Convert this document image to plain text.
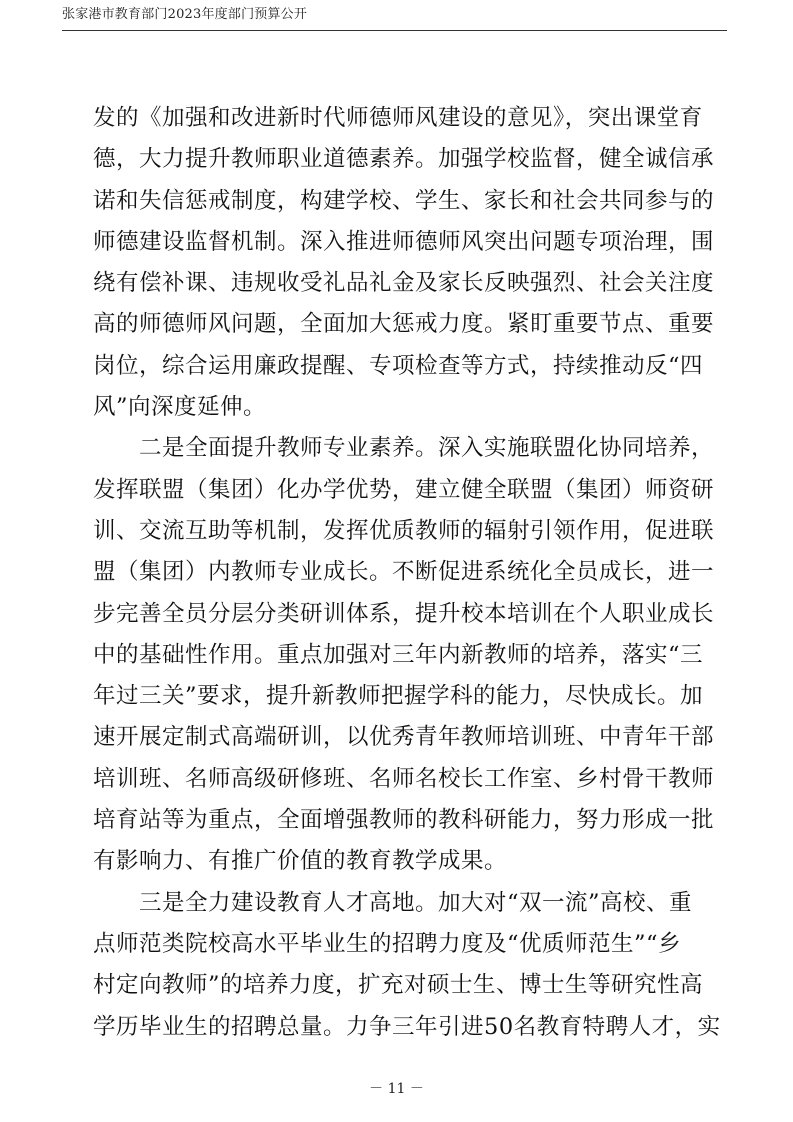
张家港市教育部门2023年度部门预算公开
发的《加强和改进新时代师德师风建设的意见》，突出课堂育
德，大力提升教师职业道德素养。加强学校监督，健全诚信承
诺和失信惩戒制度，构建学校、学生、家长和社会共同参与的
师德建设监督机制。深入推进师德师风突出问题专项治理，围
绕有偿补课、违规收受礼品礼金及家长反映强烈、社会关注度
高的师德师风问题，全面加大惩戒力度。紧盯重要节点、重要
岗位，综合运用廉政提醒、专项检查等方式，持续推动反“四
风”向深度延伸。
二是全面提升教师专业素养。深入实施联盟化协同培养，
发挥联盟（集团）化办学优势，建立健全联盟（集团）师资研
训、交流互助等机制，发挥优质教师的辐射引领作用，促进联
盟（集团）内教师专业成长。不断促进系统化全员成长，进一
步完善全员分层分类研训体系，提升校本培训在个人职业成长
中的基础性作用。重点加强对三年内新教师的培养，落实“三
年过三关”要求，提升新教师把握学科的能力，尽快成长。加
速开展定制式高端研训，以优秀青年教师培训班、中青年干部
培训班、名师高级研修班、名师名校长工作室、乡村骨干教师
培育站等为重点，全面增强教师的教科研能力，努力形成一批
有影响力、有推广价值的教育教学成果。
三是全力建设教育人才高地。加大对“双一流”高校、重
点师范类院校高水平毕业生的招聘力度及“优质师范生”“乡
村定向教师”的培养力度，扩充对硕士生、博士生等研究性高
学历毕业生的招聘总量。力争三年引进50名教育特聘人才，实
－ 11 －
